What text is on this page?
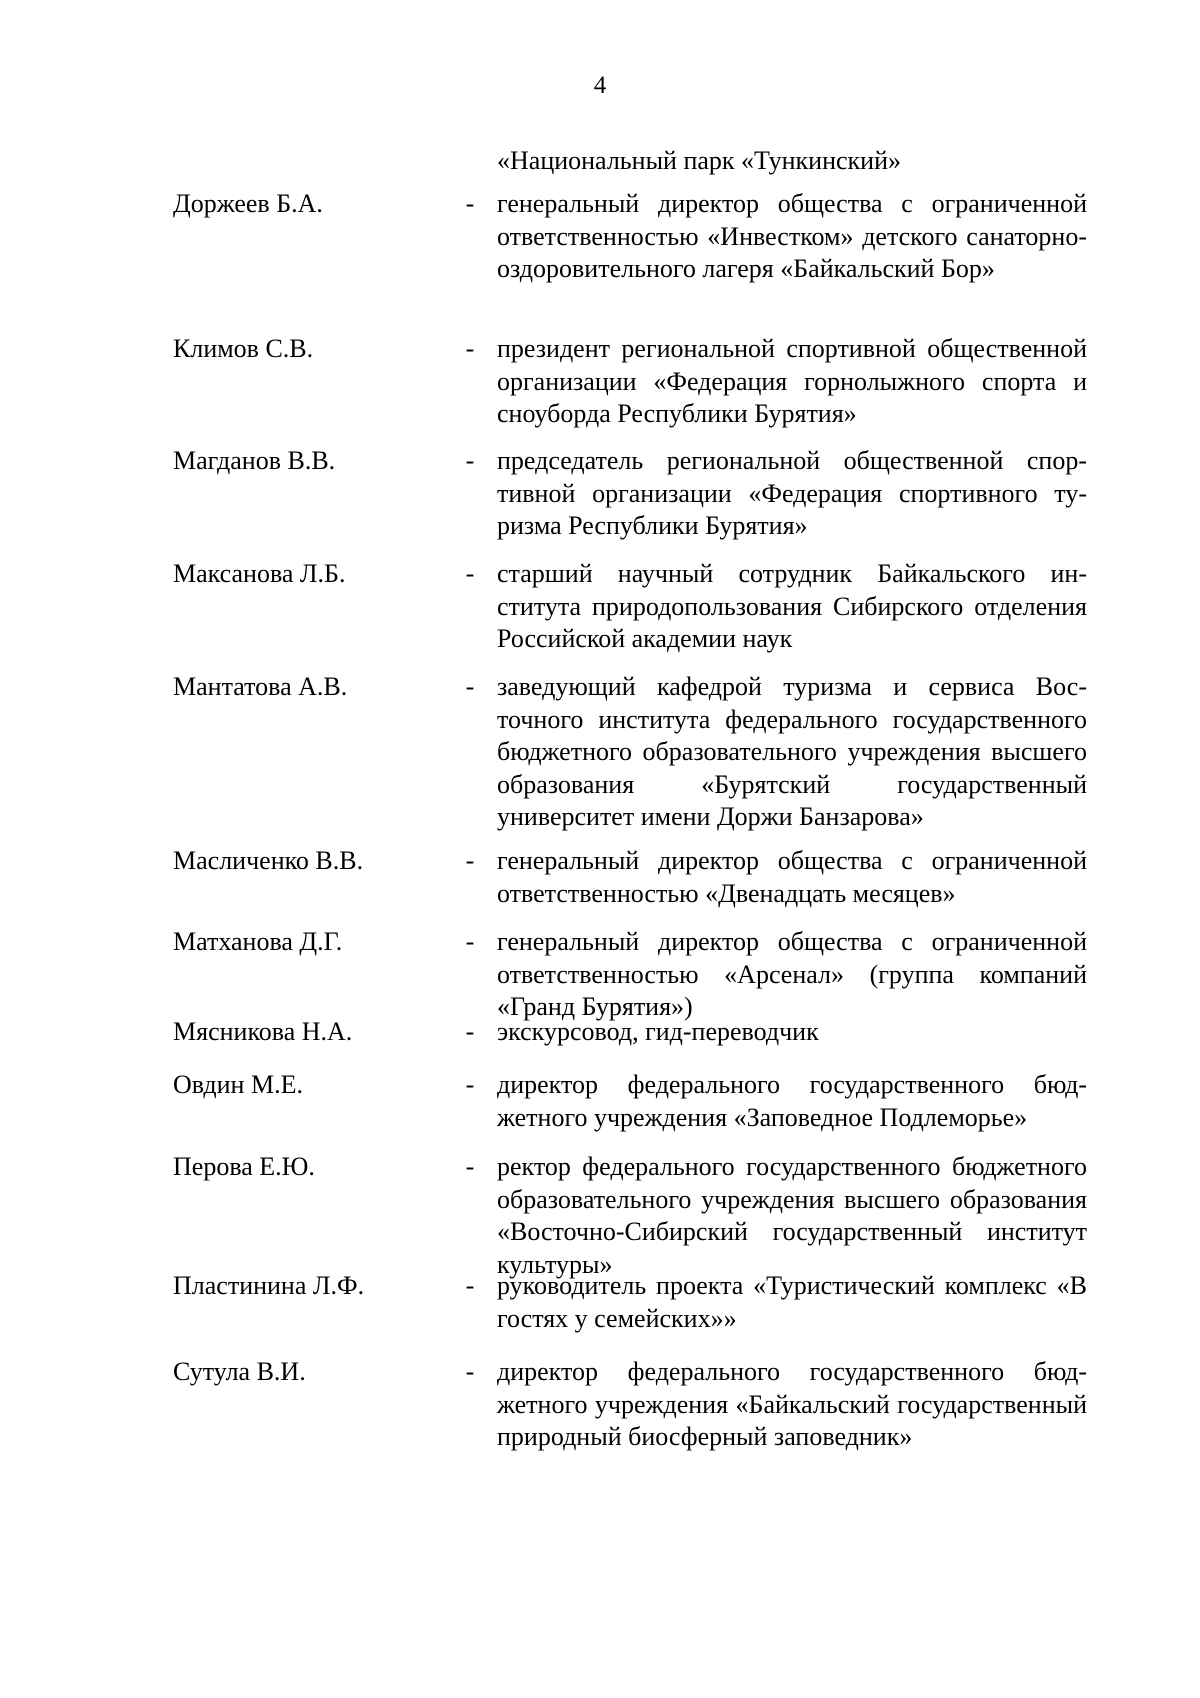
4
«Национальный парк «Тункинский»
Доржеев Б.А.	- генеральный директор общества с ограниченной ответственностью «Инвестком» детского санаторно-оздоровительного лагеря «Байкальский Бор»
Климов С.В.	- президент региональной спортивной общественной организации «Федерация горнолыжного спорта и сноуборда Республики Бурятия»
Магданов В.В.	- председатель региональной общественной спортивной организации «Федерация спортивного туризма Республики Бурятия»
Максанова Л.Б.	- старший научный сотрудник Байкальского института природопользования Сибирского отделения Российской академии наук
Мантатова А.В.	- заведующий кафедрой туризма и сервиса Восточного института федерального государственного бюджетного образовательного учреждения высшего образования «Бурятский государственный университет имени Доржи Банзарова»
Масличенко В.В.	- генеральный директор общества с ограниченной ответственностью «Двенадцать месяцев»
Матханова Д.Г.	- генеральный директор общества с ограниченной ответственностью «Арсенал» (группа компаний «Гранд Бурятия»)
Мясникова Н.А.	- экскурсовод, гид-переводчик
Овдин М.Е.	- директор федерального государственного бюджетного учреждения «Заповедное Подлеморье»
Перова Е.Ю.	- ректор федерального государственного бюджетного образовательного учреждения высшего образования «Восточно-Сибирский государственный институт культуры»
Пластинина Л.Ф.	- руководитель проекта «Туристический комплекс «В гостях у семейских»»
Сутула В.И.	- директор федерального государственного бюджетного учреждения «Байкальский государственный природный биосферный заповедник»
